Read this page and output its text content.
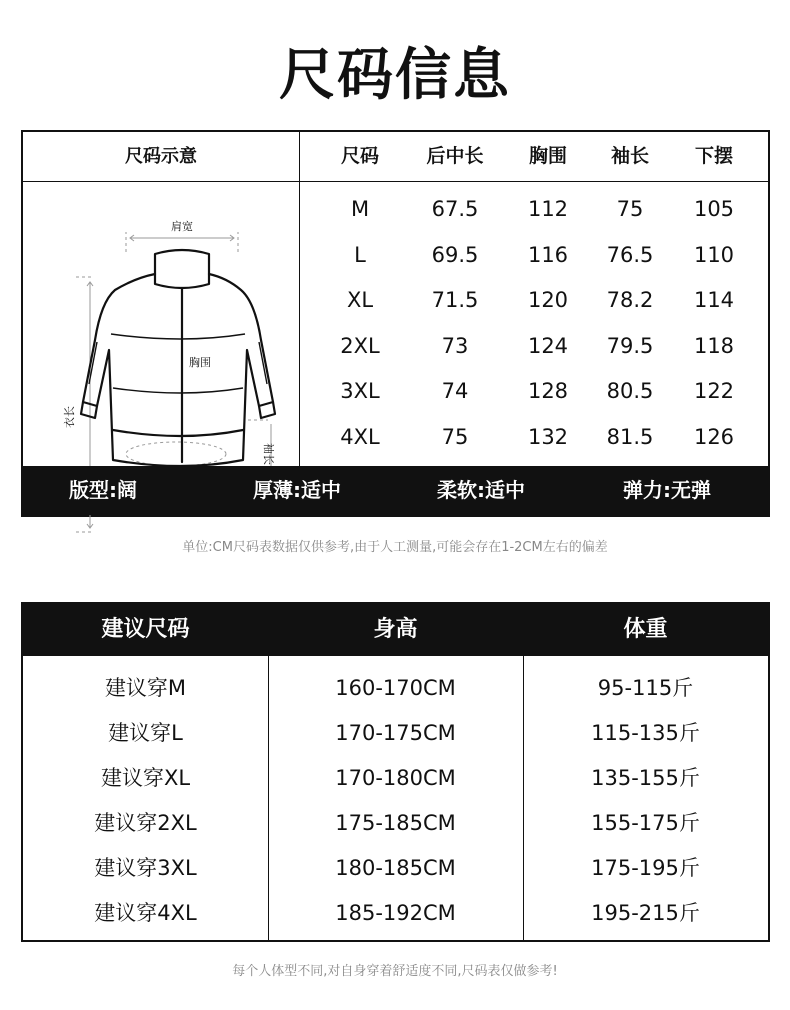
尺码信息
尺码示意	尺码	后中长	胸围	袖长	下摆
M	67.5	112	75	105
L	69.5	116	76.5	110
XL	71.5	120	78.2	114
2XL	73	124	79.5	118
3XL	74	128	80.5	122
4XL	75	132	81.5	126
肩宽
胸围
衣长
袖长
版型:阔	厚薄:适中	柔软:适中	弹力:无弹
单位:CM尺码表数据仅供参考,由于人工测量,可能会存在1-2CM左右的偏差
建议尺码	身高	体重
建议穿M	160-170CM	95-115斤
建议穿L	170-175CM	115-135斤
建议穿XL	170-180CM	135-155斤
建议穿2XL	175-185CM	155-175斤
建议穿3XL	180-185CM	175-195斤
建议穿4XL	185-192CM	195-215斤
每个人体型不同,对自身穿着舒适度不同,尺码表仅做参考!
